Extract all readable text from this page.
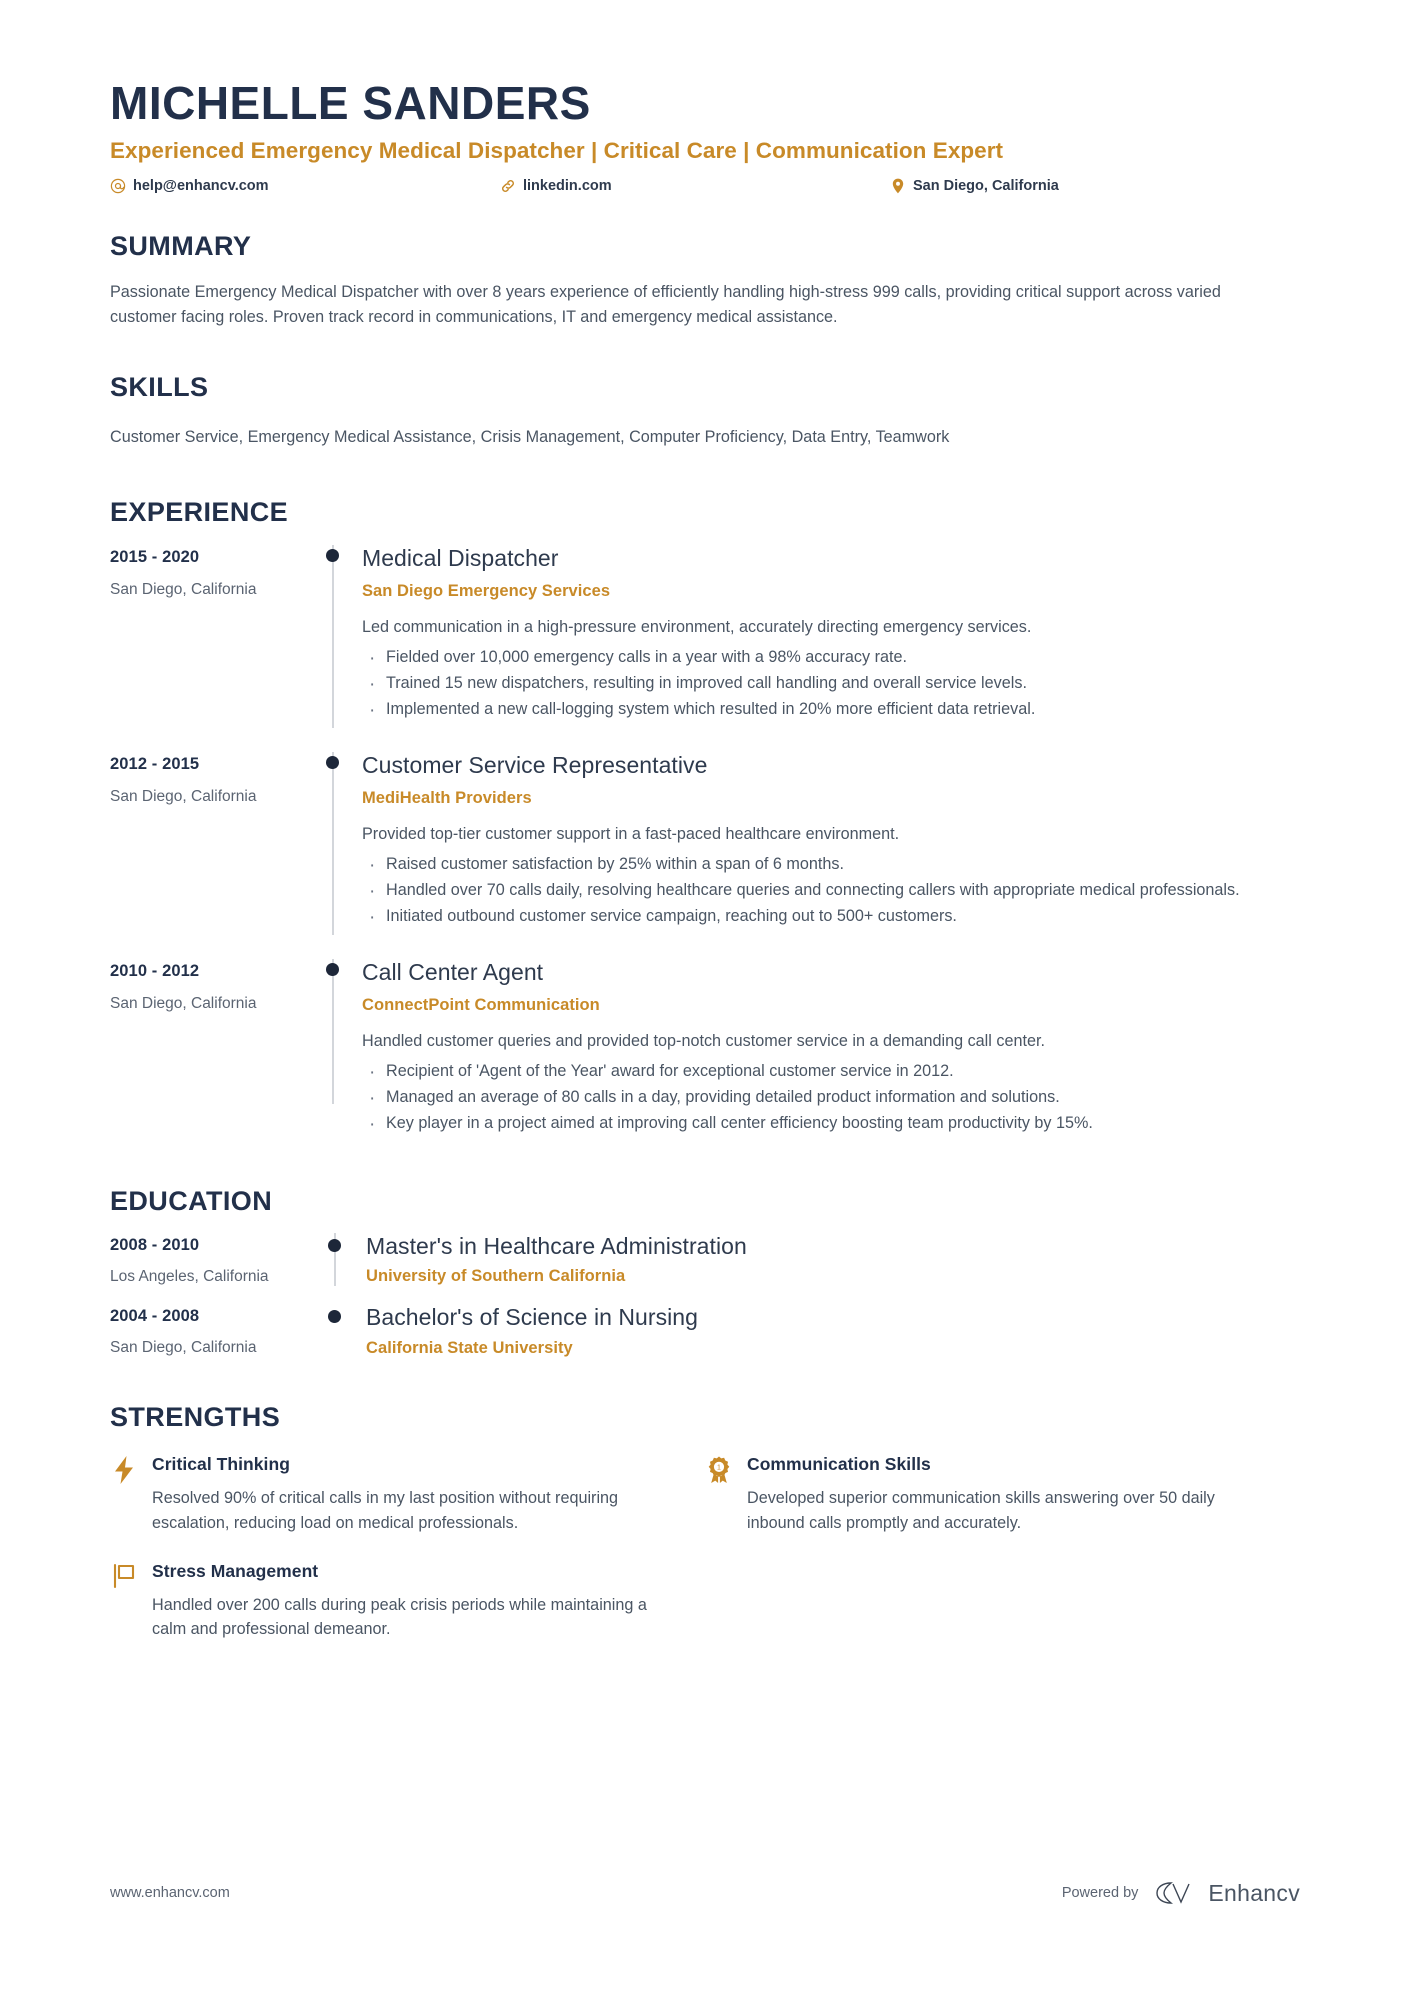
MICHELLE SANDERS
Experienced Emergency Medical Dispatcher | Critical Care | Communication Expert
help@enhancv.com	linkedin.com	San Diego, California
SUMMARY
Passionate Emergency Medical Dispatcher with over 8 years experience of efficiently handling high-stress 999 calls, providing critical support across varied customer facing roles. Proven track record in communications, IT and emergency medical assistance.
SKILLS
Customer Service, Emergency Medical Assistance, Crisis Management, Computer Proficiency, Data Entry, Teamwork
EXPERIENCE
2015 - 2020
San Diego, California
Medical Dispatcher
San Diego Emergency Services
Led communication in a high-pressure environment, accurately directing emergency services.
· Fielded over 10,000 emergency calls in a year with a 98% accuracy rate.
· Trained 15 new dispatchers, resulting in improved call handling and overall service levels.
· Implemented a new call-logging system which resulted in 20% more efficient data retrieval.
2012 - 2015
San Diego, California
Customer Service Representative
MediHealth Providers
Provided top-tier customer support in a fast-paced healthcare environment.
· Raised customer satisfaction by 25% within a span of 6 months.
· Handled over 70 calls daily, resolving healthcare queries and connecting callers with appropriate medical professionals.
· Initiated outbound customer service campaign, reaching out to 500+ customers.
2010 - 2012
San Diego, California
Call Center Agent
ConnectPoint Communication
Handled customer queries and provided top-notch customer service in a demanding call center.
· Recipient of 'Agent of the Year' award for exceptional customer service in 2012.
· Managed an average of 80 calls in a day, providing detailed product information and solutions.
· Key player in a project aimed at improving call center efficiency boosting team productivity by 15%.
EDUCATION
2008 - 2010
Los Angeles, California
Master's in Healthcare Administration
University of Southern California
2004 - 2008
San Diego, California
Bachelor's of Science in Nursing
California State University
STRENGTHS
Critical Thinking
Resolved 90% of critical calls in my last position without requiring escalation, reducing load on medical professionals.
1 Communication Skills
Developed superior communication skills answering over 50 daily inbound calls promptly and accurately.
Stress Management
Handled over 200 calls during peak crisis periods while maintaining a calm and professional demeanor.
www.enhancv.com	Powered by	Enhancv
